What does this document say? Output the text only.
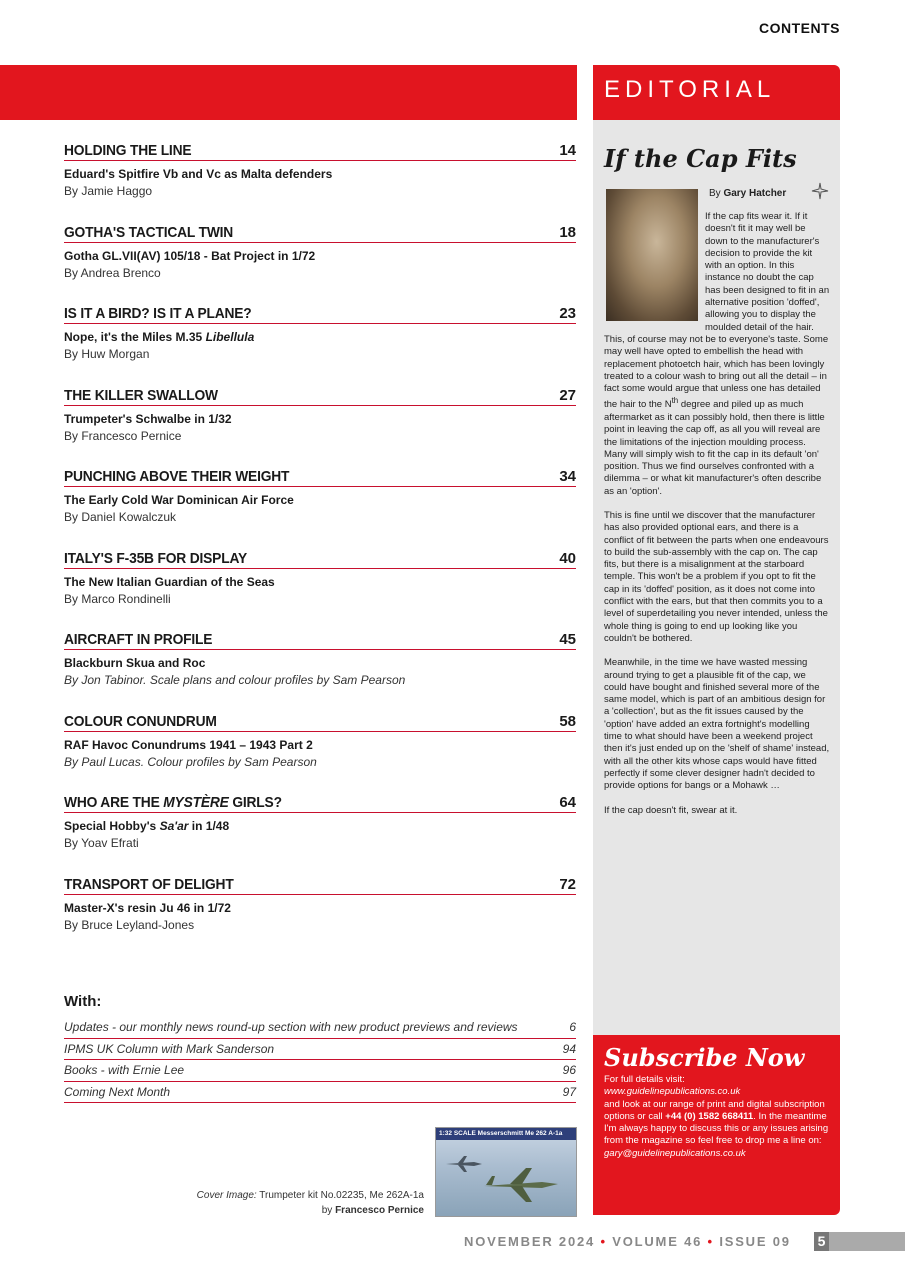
CONTENTS
HOLDING THE LINE	14
Eduard's Spitfire Vb and Vc as Malta defenders
By Jamie Haggo
GOTHA'S TACTICAL TWIN	18
Gotha GL.VII(AV) 105/18 - Bat Project in 1/72
By Andrea Brenco
IS IT A BIRD? IS IT A PLANE?	23
Nope, it's the Miles M.35 Libellula
By Huw Morgan
THE KILLER SWALLOW	27
Trumpeter's Schwalbe in 1/32
By Francesco Pernice
PUNCHING ABOVE THEIR WEIGHT	34
The Early Cold War Dominican Air Force
By Daniel Kowalczuk
ITALY'S F-35B FOR DISPLAY	40
The New Italian Guardian of the Seas
By Marco Rondinelli
AIRCRAFT IN PROFILE	45
Blackburn Skua and Roc
By Jon Tabinor. Scale plans and colour profiles by Sam Pearson
COLOUR CONUNDRUM	58
RAF Havoc Conundrums 1941 – 1943 Part 2
By Paul Lucas. Colour profiles by Sam Pearson
WHO ARE THE MYSTÈRE GIRLS?	64
Special Hobby's Sa'ar in 1/48
By Yoav Efrati
TRANSPORT OF DELIGHT	72
Master-X's resin Ju 46 in 1/72
By Bruce Leyland-Jones
With:
Updates - our monthly news round-up section with new product previews and reviews	6
IPMS UK Column with Mark Sanderson	94
Books - with Ernie Lee	96
Coming Next Month	97
1:32 SCALE Messerschmitt Me 262 A-1a
Cover Image: Trumpeter kit No.02235, Me 262A-1a
by Francesco Pernice
EDITORIAL
If the Cap Fits
By Gary Hatcher

If the cap fits wear it. If it doesn't fit it may well be down to the manufacturer's decision to provide the kit with an option. In this instance no doubt the cap has been designed to fit in an alternative position 'doffed', allowing you to display the moulded detail of the hair. This, of course may not be to everyone's taste. Some may well have opted to embellish the head with replacement photoetch hair, which has been lovingly treated to a colour wash to bring out all the detail – in fact some would argue that unless one has detailed the hair to the $N^{th}$ degree and piled up as much aftermarket as it can possibly hold, then there is little point in leaving the cap off, as all you will reveal are the limitations of the injection moulding process. Many will simply wish to fit the cap in its default 'on' position. Thus we find ourselves confronted with a dilemma – or what kit manufacturer's often describe as an 'option'.

This is fine until we discover that the manufacturer has also provided optional ears, and there is a conflict of fit between the parts when one endeavours to build the sub-assembly with the cap on. The cap fits, but there is a misalignment at the starboard temple. This won't be a problem if you opt to fit the cap in its 'doffed' position, as it does not come into conflict with the ears, but that then commits you to a level of superdetailing you never intended, unless the whole thing is going to end up looking like you couldn't be bothered.

Meanwhile, in the time we have wasted messing around trying to get a plausible fit of the cap, we could have bought and finished several more of the same model, which is part of an ambitious design for a 'collection', but as the fit issues caused by the 'option' have added an extra fortnight's modelling time to what should have been a weekend project then it's just ended up on the 'shelf of shame' instead, with all the other kits whose caps would have fitted perfectly if some clever designer hadn't decided to provide options for bangs or a Mohawk …

If the cap doesn't fit, swear at it.

Subscribe Now
For full details visit:
www.guidelinepublications.co.uk
and look at our range of print and digital subscription options or call +44 (0) 1582 668411. In the meantime I'm always happy to discuss this or any issues arising from the magazine so feel free to drop me a line on:
gary@guidelinepublications.co.uk
NOVEMBER 2024 • VOLUME 46 • ISSUE 09 5
